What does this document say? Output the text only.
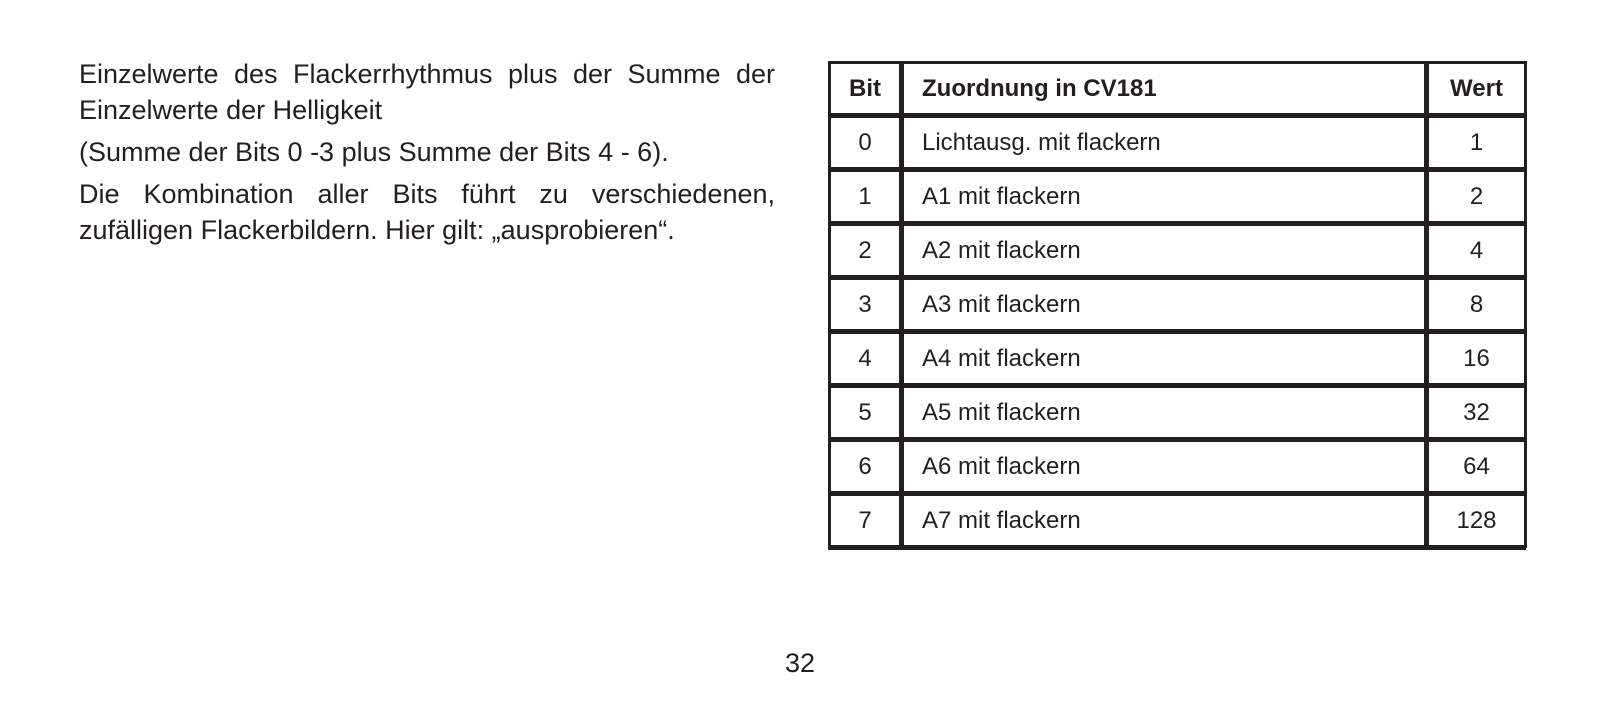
Einzelwerte des Flackerrhythmus plus der Summe der Einzelwerte der Helligkeit

(Summe der Bits 0 -3 plus Summe der Bits 4 - 6).

Die Kombination aller Bits führt zu verschiedenen, zufälligen Flackerbildern. Hier gilt: „ausprobieren“.

Bit	Zuordnung in CV181	Wert
0	Lichtausg. mit flackern	1
1	A1 mit flackern	2
2	A2 mit flackern	4
3	A3 mit flackern	8
4	A4 mit flackern	16
5	A5 mit flackern	32
6	A6 mit flackern	64
7	A7 mit flackern	128
32
